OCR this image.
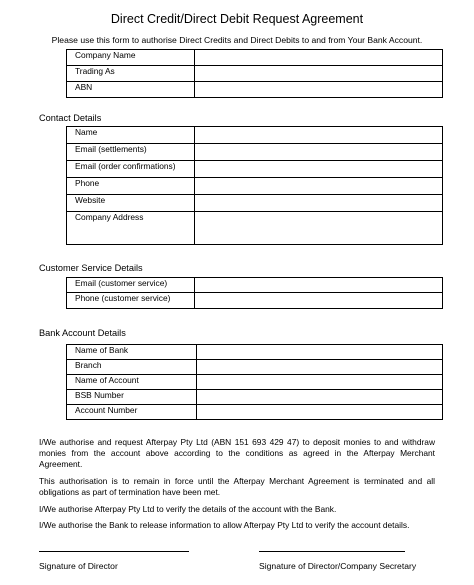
Direct Credit/Direct Debit Request Agreement
Please use this form to authorise Direct Credits and Direct Debits to and from Your Bank Account.
Company Name	
Trading As	
ABN	
Contact Details
Name	
Email (settlements)	
Email (order confirmations)	
Phone	
Website	
Company Address	
Customer Service Details
Email (customer service)	
Phone (customer service)	
Bank Account Details
Name of Bank	
Branch	
Name of Account	
BSB Number	
Account Number	

I/We authorise and request Afterpay Pty Ltd (ABN 151 693 429 47) to deposit monies to and withdraw monies from the account above according to the conditions as agreed in the Afterpay Merchant Agreement.

This authorisation is to remain in force until the Afterpay Merchant Agreement is terminated and all obligations as part of termination have been met.

I/We authorise Afterpay Pty Ltd to verify the details of the account with the Bank.

I/We authorise the Bank to release information to allow Afterpay Pty Ltd to verify the account details.

Signature of Director	Signature of Director/Company Secretary
